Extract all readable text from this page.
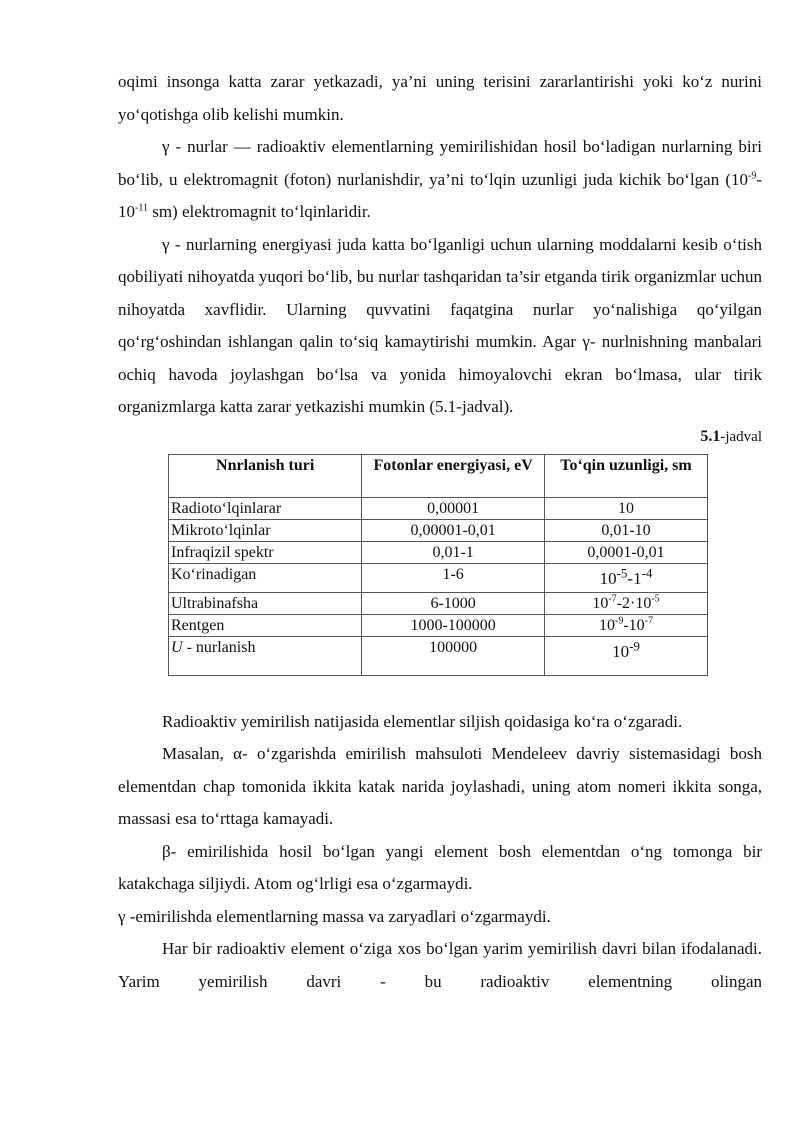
oqimi insonga katta zarar yetkazadi, ya’ni uning terisini zararlantirishi yoki ko‘z nurini yo‘qotishga olib kelishi mumkin.

γ - nurlar — radioaktiv elementlarning yemirilishidan hosil bo‘ladigan nurlarning biri bo‘lib, u elektromagnit (foton) nurlanishdir, ya’ni to‘lqin uzunligi juda kichik bo‘lgan ($10^{-9}-10^{-11}$ sm) elektromagnit to‘lqinlaridir.

γ - nurlarning energiyasi juda katta bo‘lganligi uchun ularning moddalarni kesib o‘tish qobiliyati nihoyatda yuqori bo‘lib, bu nurlar tashqaridan ta’sir etganda tirik organizmlar uchun nihoyatda xavflidir. Ularning quvvatini faqatgina nurlar yo‘nalishiga qo‘yilgan qo‘rg‘oshindan ishlangan qalin to‘siq kamaytirishi mumkin. Agar γ- nurlnishning manbalari ochiq havoda joylashgan bo‘lsa va yonida himoyalovchi ekran bo‘lmasa, ular tirik organizmlarga katta zarar yetkazishi mumkin (5.1-jadval).

5.1-jadval
Nnrlanish turi	Fotonlar energiyasi, eV	To‘qin uzunligi, sm
Radioto‘lqinlarar	0,00001	10
Mikroto‘lqinlar	0,00001-0,01	0,01-10
Infraqizil spektr	0,01-1	0,0001-0,01
Ko‘rinadigan	1-6	$10^{-5}-1^{-4}$
Ultrabinafsha	6-1000	$10^{-7}-2\cdot 10^{-5}$
Rentgen	1000-100000	$10^{-9}-10^{-7}$
U - nurlanish	100000	$10^{-9}$

Radioaktiv yemirilish natijasida elementlar siljish qoidasiga ko‘ra o‘zgaradi.

Masalan, α- o‘zgarishda emirilish mahsuloti Mendeleev davriy sistemasidagi bosh elementdan chap tomonida ikkita katak narida joylashadi, uning atom nomeri ikkita songa, massasi esa to‘rttaga kamayadi.

β- emirilishida hosil bo‘lgan yangi element bosh elementdan o‘ng tomonga bir katakchaga siljiydi. Atom og‘lrligi esa o‘zgarmaydi.

γ -emirilishda elementlarning massa va zaryadlari o‘zgarmaydi.

Har bir radioaktiv element o‘ziga xos bo‘lgan yarim yemirilish davri bilan ifodalanadi. Yarim yemirilish davri - bu radioaktiv elementning olingan
